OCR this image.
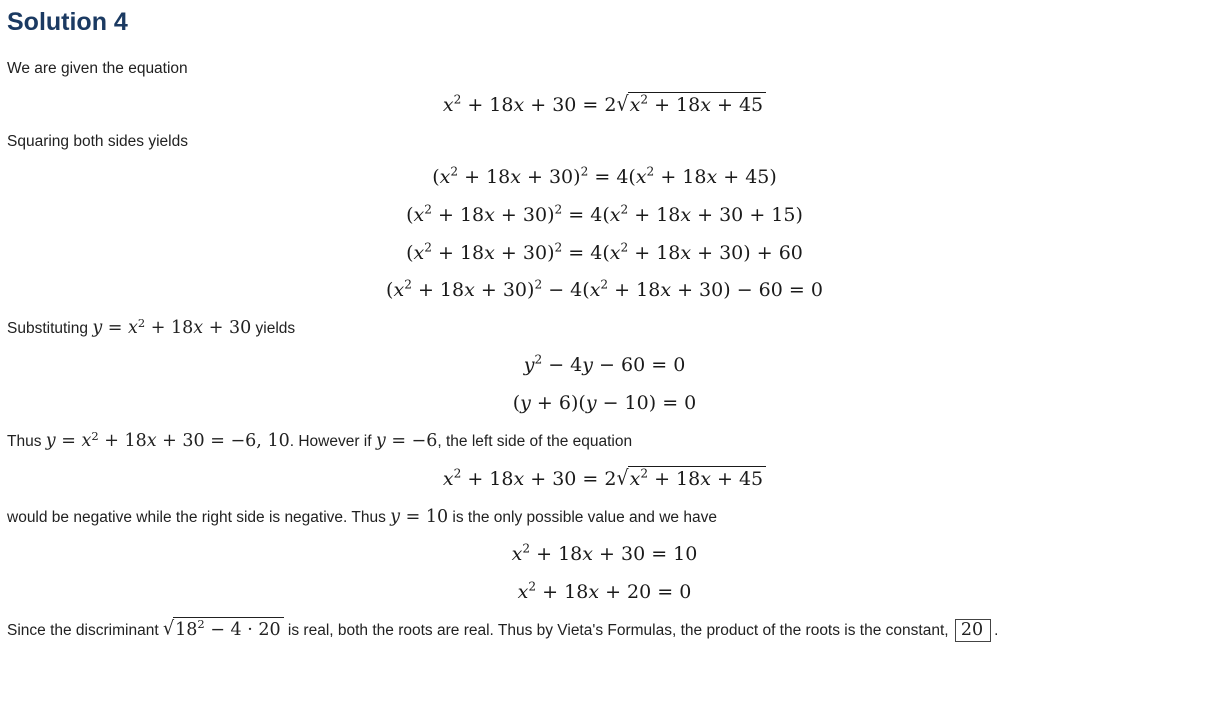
Solution 4
We are given the equation
$x^2 + 18x + 30 = 2√x^2 + 18x + 45$
Squaring both sides yields
$(x^2 + 18x + 30)^2 = 4(x^2 + 18x + 45)$
$(x^2 + 18x + 30)^2 = 4(x^2 + 18x + 30 + 15)$
$(x^2 + 18x + 30)^2 = 4(x^2 + 18x + 30) + 60$
$(x^2 + 18x + 30)^2 - 4(x^2 + 18x + 30) - 60 = 0$
Substituting $y = x^2 + 18x + 30$ yields
$y^2 - 4y - 60 = 0$
(y + 6)(y − 10) = 0
Thus $y = x^2 + 18x + 30 = -6$, 10. However if y = −6, the left side of the equation
$x^2 + 18x + 30 = 2√x^2 + 18x + 45$
would be negative while the right side is negative. Thus y = 10 is the only possible value and we have
$x^2 + 18x + 30 = 10$
$x^2 + 18x + 20 = 0$
Since the discriminant $√18^2 - 4 \cdot 20$ is real, both the roots are real. Thus by Vieta's Formulas, the product of the roots is the constant, 20 .
